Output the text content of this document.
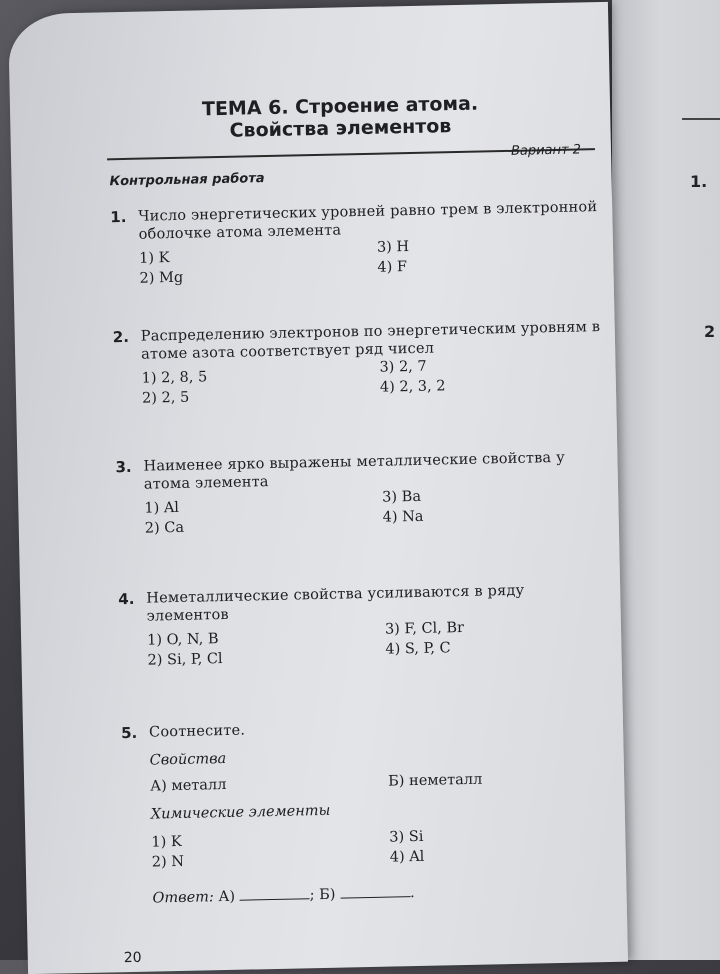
1.
2
ТЕМА 6. Строение атома.
Свойства элементов
Вариант 2
Контрольная работа
1. Число энергетических уровней равно трем в электронной оболочке атома элемента
1) K
2) Mg
3) H
4) F
2. Распределению электронов по энергетическим уровням в атоме азота соответствует ряд чисел
1) 2, 8, 5
2) 2, 5
3) 2, 7
4) 2, 3, 2
3. Наименее ярко выражены металлические свойства у атома элемента
1) Al
2) Ca
3) Ba
4) Na
4. Неметаллические свойства усиливаются в ряду элементов
1) O, N, B
2) Si, P, Cl
3) F, Cl, Br
4) S, P, C
5. Соотнесите.
Свойства
А) металл	Б) неметалл
Химические элементы
1) K
2) N
3) Si
4) Al
Ответ: А)	; Б)	.
20
